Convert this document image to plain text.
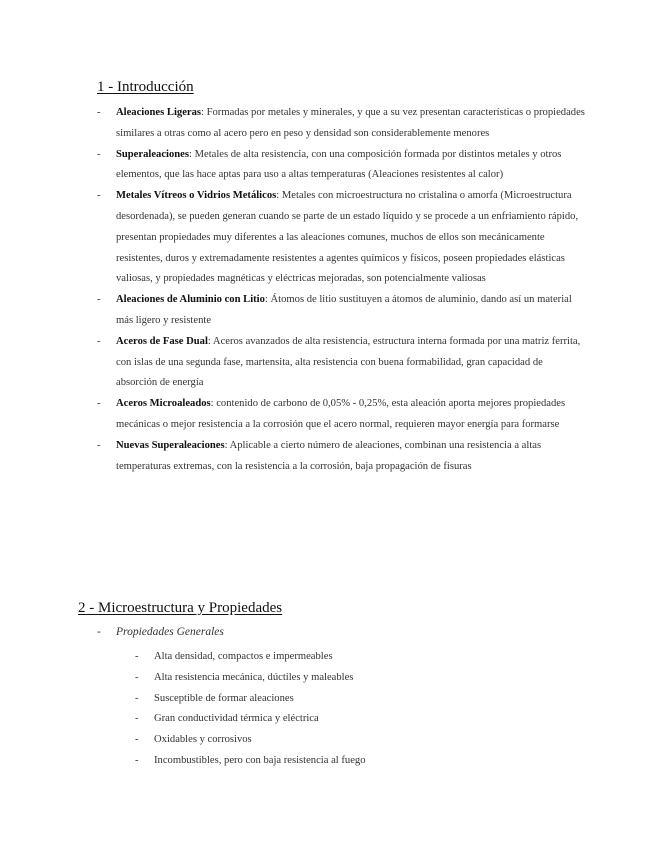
1 - Introducción
- Aleaciones Ligeras: Formadas por metales y minerales, y que a su vez presentan características o propiedades similares a otras como al acero pero en peso y densidad son considerablemente menores
- Superaleaciones: Metales de alta resistencia, con una composición formada por distintos metales y otros elementos, que las hace aptas para uso a altas temperaturas (Aleaciones resistentes al calor)
- Metales Vítreos o Vidrios Metálicos: Metales con microestructura no cristalina o amorfa (Microestructura desordenada), se pueden generan cuando se parte de un estado líquido y se procede a un enfriamiento rápido, presentan propiedades muy diferentes a las aleaciones comunes, muchos de ellos son mecánicamente resistentes, duros y extremadamente resistentes a agentes químicos y físicos, poseen propiedades elásticas valiosas, y propiedades magnéticas y eléctricas mejoradas, son potencialmente valiosas
- Aleaciones de Aluminio con Litio: Átomos de litio sustituyen a átomos de aluminio, dando así un material más ligero y resistente
- Aceros de Fase Dual: Aceros avanzados de alta resistencia, estructura interna formada por una matriz ferrita, con islas de una segunda fase, martensita, alta resistencia con buena formabilidad, gran capacidad de absorción de energía
- Aceros Microaleados: contenido de carbono de 0,05% - 0,25%, esta aleación aporta mejores propiedades mecánicas o mejor resistencia a la corrosión que el acero normal, requieren mayor energía para formarse
- Nuevas Superaleaciones: Aplicable a cierto número de aleaciones, combinan una resistencia a altas temperaturas extremas, con la resistencia a la corrosión, baja propagación de fisuras
2 - Microestructura y Propiedades
- Propiedades Generales
- Alta densidad, compactos e impermeables
- Alta resistencia mecánica, dúctiles y maleables
- Susceptible de formar aleaciones
- Gran conductividad térmica y eléctrica
- Oxidables y corrosivos
- Incombustibles, pero con baja resistencia al fuego
